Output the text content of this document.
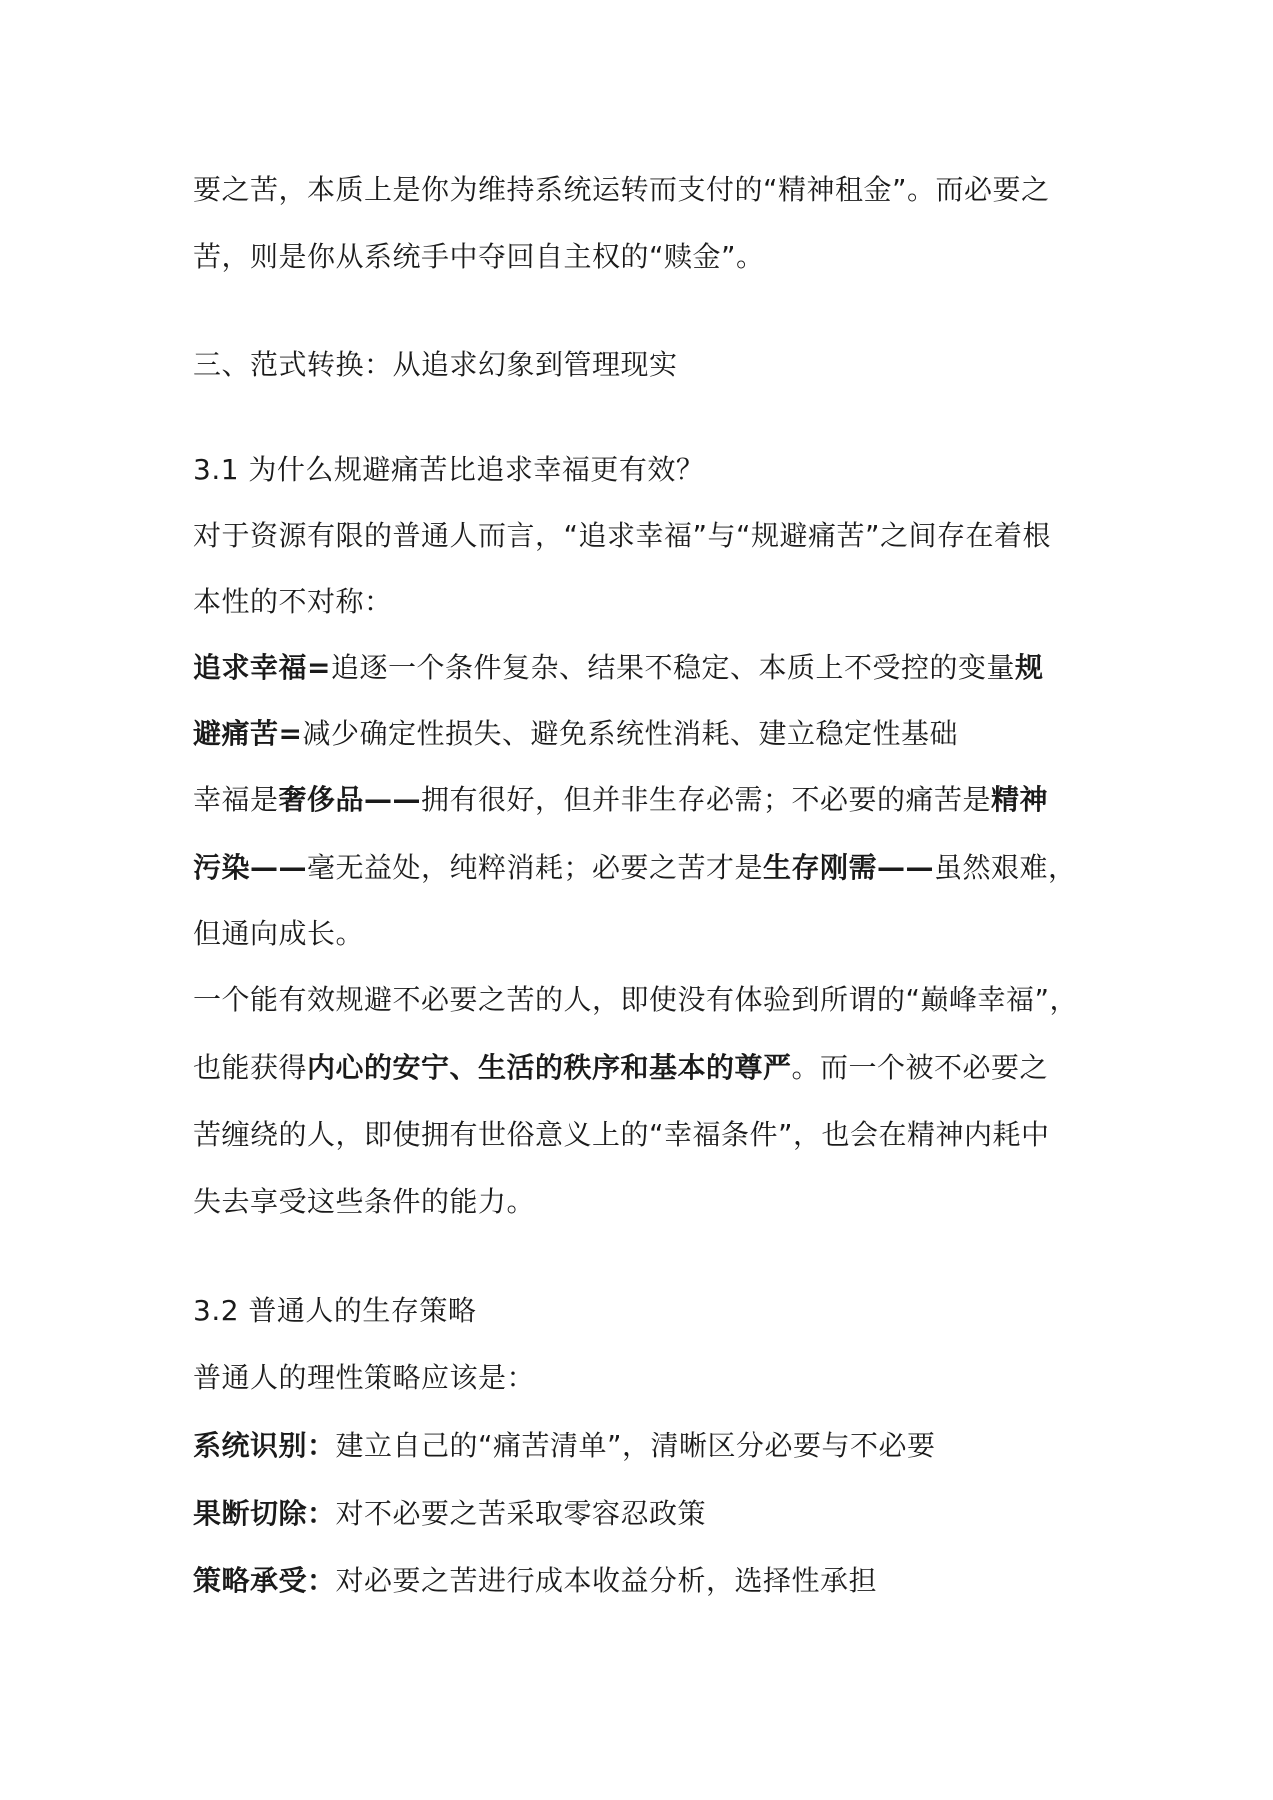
要之苦，本质上是你为维持系统运转而支付的“精神租金”。而必要之
苦，则是你从系统手中夺回自主权的“赎金”。
三、范式转换：从追求幻象到管理现实
3.1 为什么规避痛苦比追求幸福更有效？
对于资源有限的普通人而言，“追求幸福”与“规避痛苦”之间存在着根
本性的不对称：
追求幸福=追逐一个条件复杂、结果不稳定、本质上不受控的变量规
避痛苦=减少确定性损失、避免系统性消耗、建立稳定性基础
幸福是奢侈品——拥有很好，但并非生存必需；不必要的痛苦是精神
污染——毫无益处，纯粹消耗；必要之苦才是生存刚需——虽然艰难，
但通向成长。
一个能有效规避不必要之苦的人，即使没有体验到所谓的“巅峰幸福”，
也能获得内心的安宁、生活的秩序和基本的尊严。而一个被不必要之
苦缠绕的人，即使拥有世俗意义上的“幸福条件”，也会在精神内耗中
失去享受这些条件的能力。
3.2 普通人的生存策略
普通人的理性策略应该是：
系统识别：建立自己的“痛苦清单”，清晰区分必要与不必要
果断切除：对不必要之苦采取零容忍政策
策略承受：对必要之苦进行成本收益分析，选择性承担
